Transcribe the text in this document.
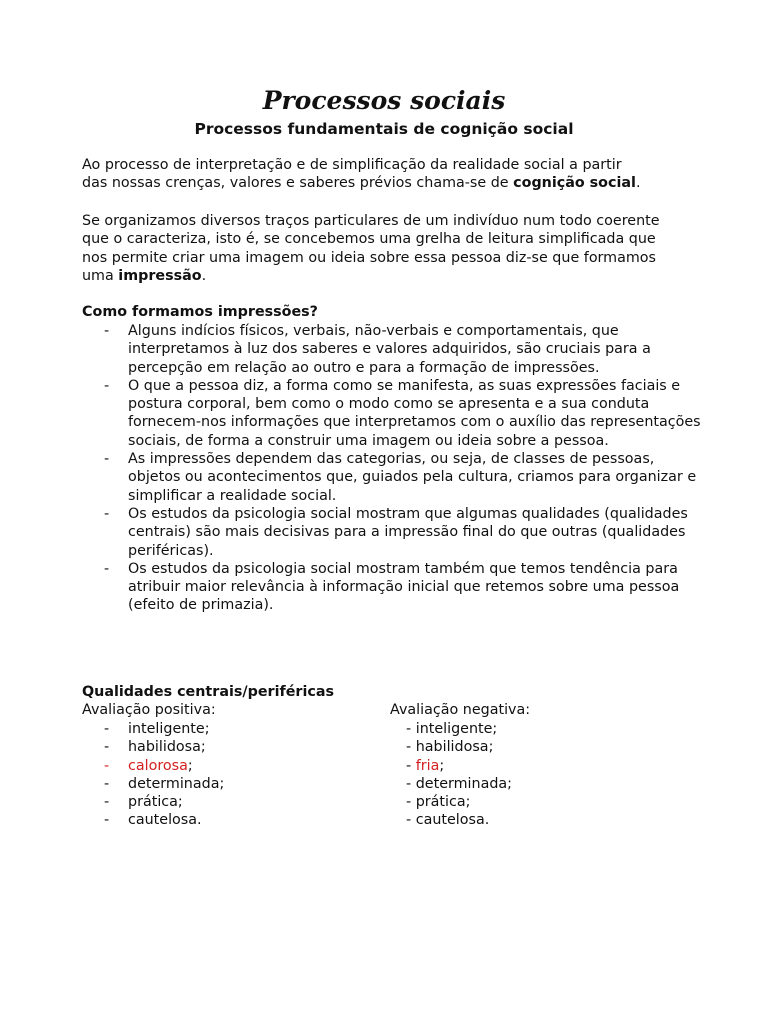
Processos sociais
Processos fundamentais de cognição social
Ao processo de interpretação e de simplificação da realidade social a partir
das nossas crenças, valores e saberes prévios chama-se de cognição social.
Se organizamos diversos traços particulares de um indivíduo num todo coerente
que o caracteriza, isto é, se concebemos uma grelha de leitura simplificada que
nos permite criar uma imagem ou ideia sobre essa pessoa diz-se que formamos
uma impressão.
Como formamos impressões?
- Alguns indícios físicos, verbais, não-verbais e comportamentais, que interpretamos à luz dos saberes e valores adquiridos, são cruciais para a percepção em relação ao outro e para a formação de impressões.
- O que a pessoa diz, a forma como se manifesta, as suas expressões faciais e postura corporal, bem como o modo como se apresenta e a sua conduta fornecem-nos informações que interpretamos com o auxílio das representações sociais, de forma a construir uma imagem ou ideia sobre a pessoa.
- As impressões dependem das categorias, ou seja, de classes de pessoas, objetos ou acontecimentos que, guiados pela cultura, criamos para organizar e simplificar a realidade social.
- Os estudos da psicologia social mostram que algumas qualidades (qualidades centrais) são mais decisivas para a impressão final do que outras (qualidades periféricas).
- Os estudos da psicologia social mostram também que temos tendência para atribuir maior relevância à informação inicial que retemos sobre uma pessoa (efeito de primazia).
Qualidades centrais/periféricas
Avaliação positiva:	Avaliação negativa:
- inteligente;
- habilidosa;
- calorosa;
- determinada;
- prática;
- cautelosa.
- inteligente;
- habilidosa;
- fria;
- determinada;
- prática;
- cautelosa.
